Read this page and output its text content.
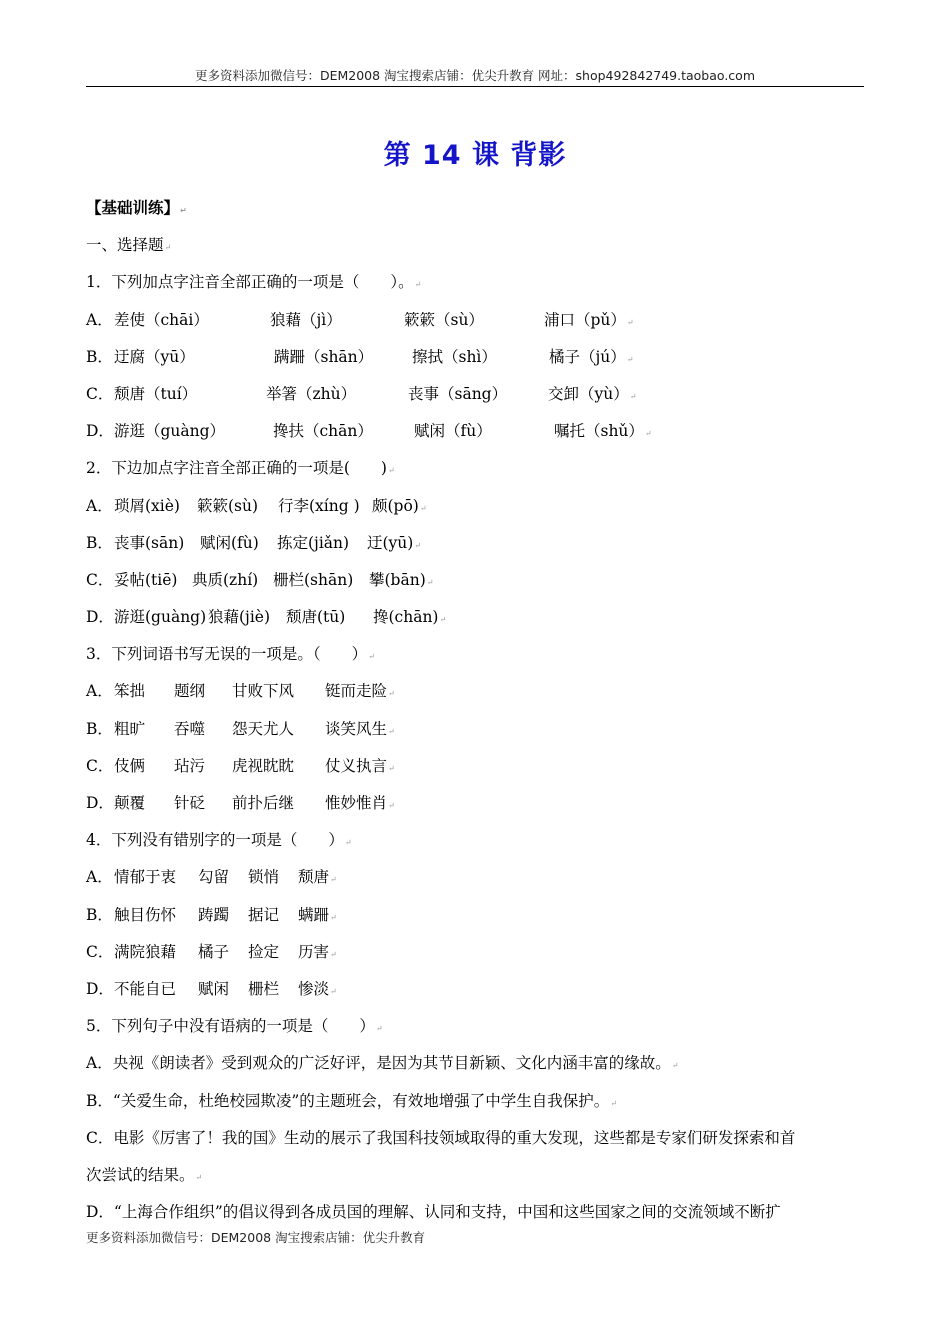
更多资料添加微信号：DEM2008 淘宝搜索店铺：优尖升教育 网址：shop492842749.taobao.com
第 14 课 背影
【基础训练】↵
一、选择题↵
1．下列加点字注音全部正确的一项是（　　）。↵
A．差使（chāi）	狼藉（jì）	簌簌（sù）	浦口（pǔ）↵
B．迂腐（yū）	蹒跚（shān）	擦拭（shì）	橘子（jú）↵
C．颓唐（tuí）	举箸（zhù）	丧事（sāng）	交卸（yù）↵
D．游逛（guàng）	搀扶（chān）	赋闲（fù）	嘱托（shǔ）↵
2．下边加点字注音全部正确的一项是(　　)↵
A．琐屑(xiè) 簌簌(sù) 行李(xíng ) 颇(pō)↵
B．丧事(sān) 赋闲(fù) 拣定(jiǎn) 迂(yū)↵
C．妥帖(tiē) 典质(zhí) 栅栏(shān) 攀(bān)↵
D．游逛(guàng) 狼藉(jiè) 颓唐(tū) 搀(chān)↵
3．下列词语书写无误的一项是。（　　）↵
A．笨拙 题纲 甘败下风 铤而走险↵
B．粗旷 吞噬 怨天尤人 谈笑风生↵
C．伎俩 玷污 虎视眈眈 仗义执言↵
D．颠覆 针砭 前扑后继 惟妙惟肖↵
4．下列没有错别字的一项是（　　）↵
A．情郁于衷 勾留 锁悄 颓唐↵
B．触目伤怀 踌躅 据记 螨跚↵
C．满院狼藉 橘子 捡定 历害↵
D．不能自已 赋闲 栅栏 惨淡↵
5．下列句子中没有语病的一项是（　　）↵
A．央视《朗读者》受到观众的广泛好评，是因为其节目新颖、文化内涵丰富的缘故。↵
B．“关爱生命，杜绝校园欺凌”的主题班会，有效地增强了中学生自我保护。↵
C．电影《厉害了！我的国》生动的展示了我国科技领域取得的重大发现，这些都是专家们研发探索和首
次尝试的结果。↵
D．“上海合作组织”的倡议得到各成员国的理解、认同和支持，中国和这些国家之间的交流领域不断扩
更多资料添加微信号：DEM2008 淘宝搜索店铺：优尖升教育
